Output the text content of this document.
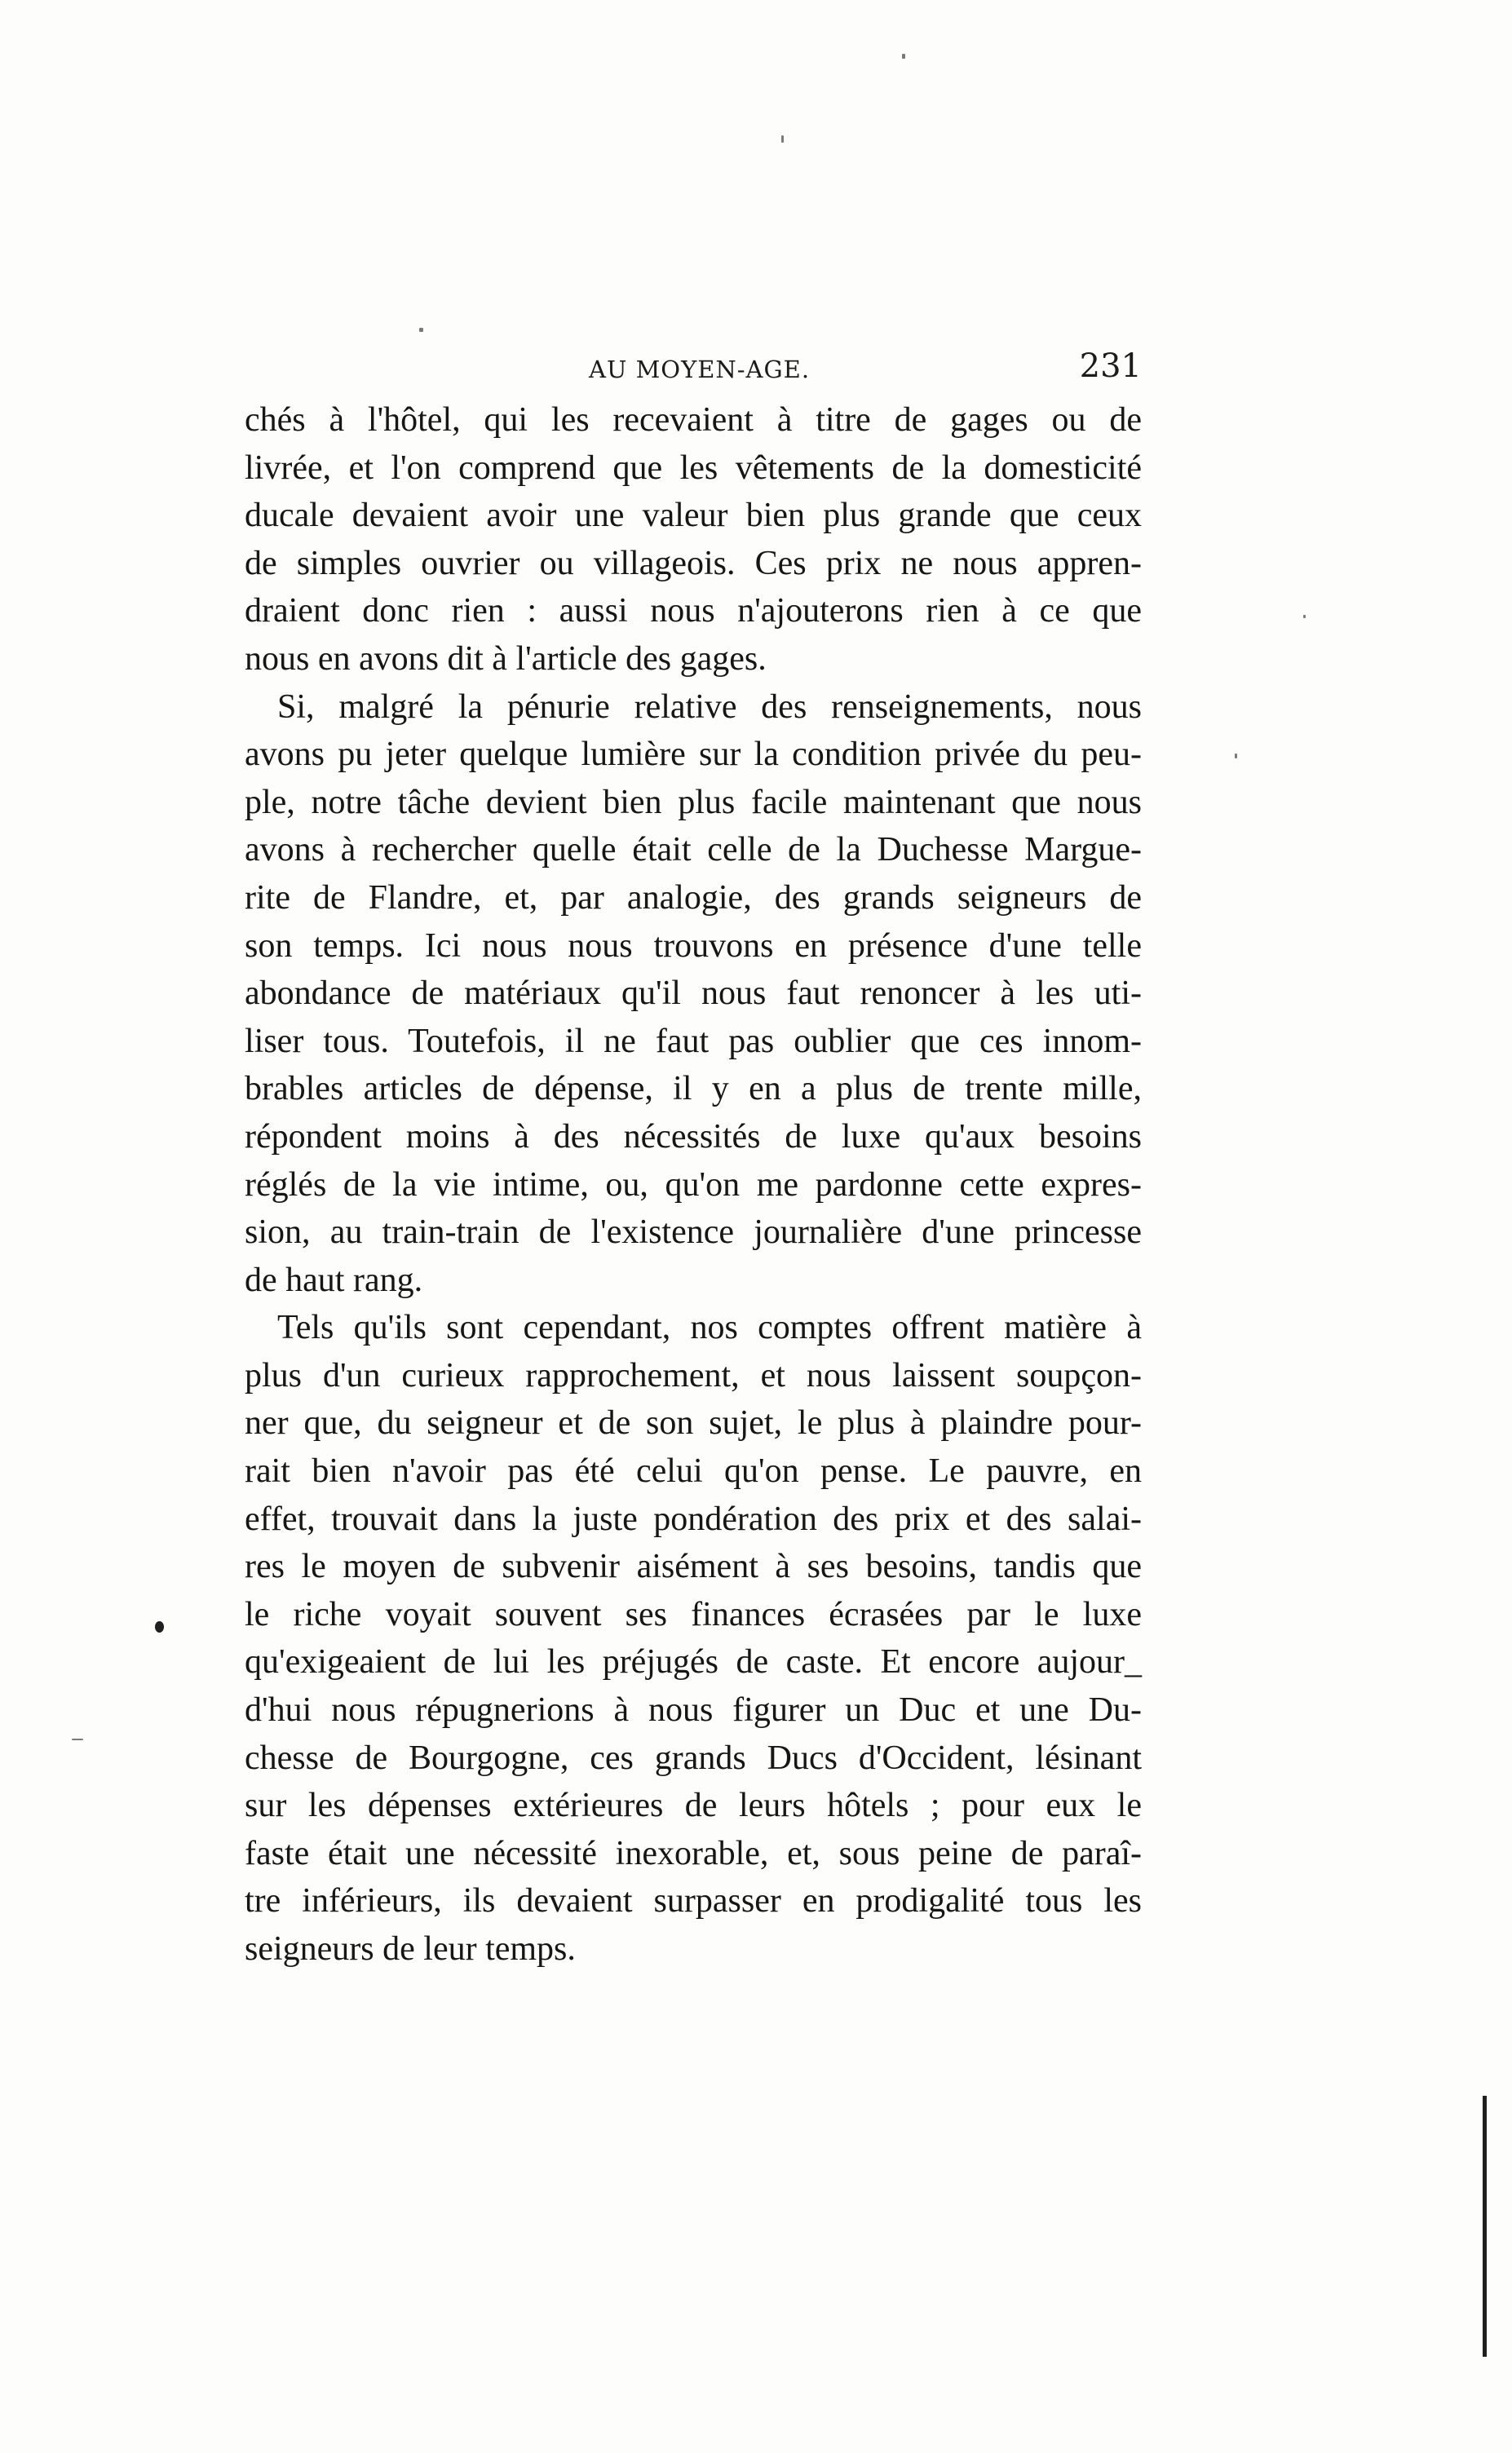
AU MOYEN-AGE.	231
chés à l'hôtel, qui les recevaient à titre de gages ou de
livrée, et l'on comprend que les vêtements de la domesticité
ducale devaient avoir une valeur bien plus grande que ceux
de simples ouvrier ou villageois. Ces prix ne nous appren-
draient donc rien : aussi nous n'ajouterons rien à ce que
nous en avons dit à l'article des gages.
Si, malgré la pénurie relative des renseignements, nous
avons pu jeter quelque lumière sur la condition privée du peu-
ple, notre tâche devient bien plus facile maintenant que nous
avons à rechercher quelle était celle de la Duchesse Margue-
rite de Flandre, et, par analogie, des grands seigneurs de
son temps. Ici nous nous trouvons en présence d'une telle
abondance de matériaux qu'il nous faut renoncer à les uti-
liser tous. Toutefois, il ne faut pas oublier que ces innom-
brables articles de dépense, il y en a plus de trente mille,
répondent moins à des nécessités de luxe qu'aux besoins
réglés de la vie intime, ou, qu'on me pardonne cette expres-
sion, au train-train de l'existence journalière d'une princesse
de haut rang.
Tels qu'ils sont cependant, nos comptes offrent matière à
plus d'un curieux rapprochement, et nous laissent soupçon-
ner que, du seigneur et de son sujet, le plus à plaindre pour-
rait bien n'avoir pas été celui qu'on pense. Le pauvre, en
effet, trouvait dans la juste pondération des prix et des salai-
res le moyen de subvenir aisément à ses besoins, tandis que
le riche voyait souvent ses finances écrasées par le luxe
qu'exigeaient de lui les préjugés de caste. Et encore aujour_
d'hui nous répugnerions à nous figurer un Duc et une Du-
chesse de Bourgogne, ces grands Ducs d'Occident, lésinant
sur les dépenses extérieures de leurs hôtels ; pour eux le
faste était une nécessité inexorable, et, sous peine de paraî-
tre inférieurs, ils devaient surpasser en prodigalité tous les
seigneurs de leur temps.
